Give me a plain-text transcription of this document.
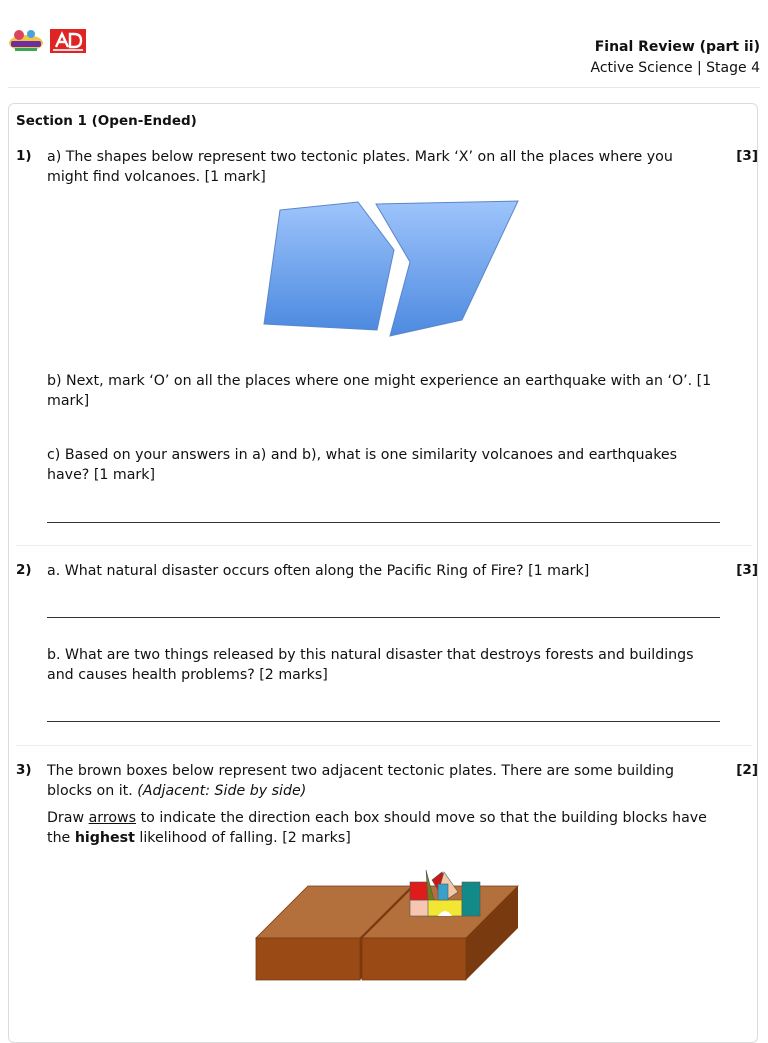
Final Review (part ii)
Active Science | Stage 4
Section 1 (Open-Ended)
1)	[3]
a) The shapes below represent two tectonic plates. Mark ‘X’ on all the places where you might find volcanoes. [1 mark]
b) Next, mark ‘O’ on all the places where one might experience an earthquake with an ‘O’. [1 mark]
c) Based on your answers in a) and b), what is one similarity volcanoes and earthquakes have? [1 mark]
2)	[3]
a. What natural disaster occurs often along the Pacific Ring of Fire? [1 mark]
b. What are two things released by this natural disaster that destroys forests and buildings and causes health problems? [2 marks]
3)	[2]
The brown boxes below represent two adjacent tectonic plates. There are some building blocks on it. (Adjacent: Side by side)
Draw arrows to indicate the direction each box should move so that the building blocks have the highest likelihood of falling. [2 marks]
